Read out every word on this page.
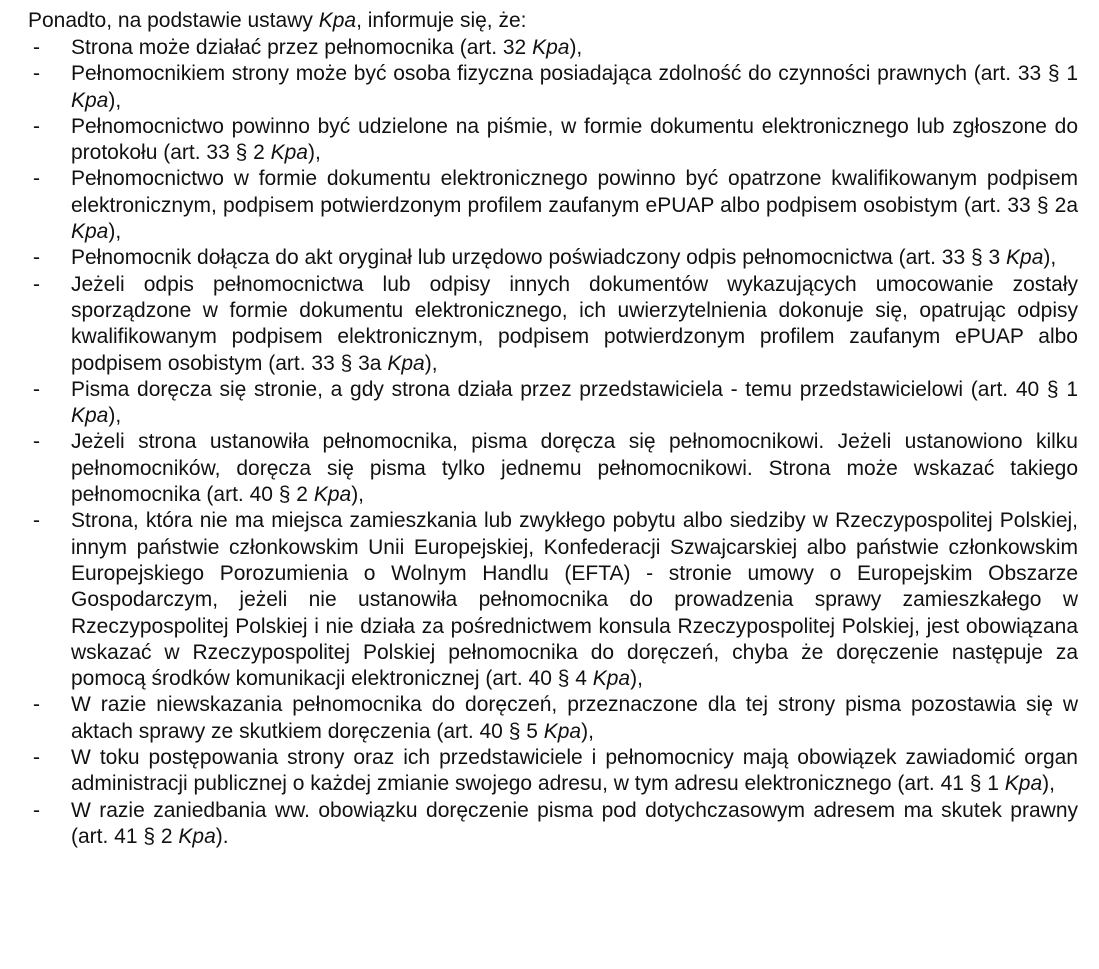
Ponadto, na podstawie ustawy Kpa, informuje się, że:

-	Strona może działać przez pełnomocnika (art. 32 Kpa),
-	Pełnomocnikiem strony może być osoba fizyczna posiadająca zdolność do czynności prawnych (art. 33 § 1 Kpa),
-	Pełnomocnictwo powinno być udzielone na piśmie, w formie dokumentu elektronicznego lub zgłoszone do protokołu (art. 33 § 2 Kpa),
-	Pełnomocnictwo w formie dokumentu elektronicznego powinno być opatrzone kwalifikowanym podpisem elektronicznym, podpisem potwierdzonym profilem zaufanym ePUAP albo podpisem osobistym (art. 33 § 2a Kpa),
-	Pełnomocnik dołącza do akt oryginał lub urzędowo poświadczony odpis pełnomocnictwa (art. 33 § 3 Kpa),
-	Jeżeli odpis pełnomocnictwa lub odpisy innych dokumentów wykazujących umocowanie zostały sporządzone w formie dokumentu elektronicznego, ich uwierzytelnienia dokonuje się, opatrując odpisy kwalifikowanym podpisem elektronicznym, podpisem potwierdzonym profilem zaufanym ePUAP albo podpisem osobistym (art. 33 § 3a Kpa),
-	Pisma doręcza się stronie, a gdy strona działa przez przedstawiciela - temu przedstawicielowi (art. 40 § 1 Kpa),
-	Jeżeli strona ustanowiła pełnomocnika, pisma doręcza się pełnomocnikowi. Jeżeli ustanowiono kilku pełnomocników, doręcza się pisma tylko jednemu pełnomocnikowi. Strona może wskazać takiego pełnomocnika (art. 40 § 2 Kpa),
-	Strona, która nie ma miejsca zamieszkania lub zwykłego pobytu albo siedziby w Rzeczypospolitej Polskiej, innym państwie członkowskim Unii Europejskiej, Konfederacji Szwajcarskiej albo państwie członkowskim Europejskiego Porozumienia o Wolnym Handlu (EFTA) - stronie umowy o Europejskim Obszarze Gospodarczym, jeżeli nie ustanowiła pełnomocnika do prowadzenia sprawy zamieszkałego w Rzeczypospolitej Polskiej i nie działa za pośrednictwem konsula Rzeczypospolitej Polskiej, jest obowiązana wskazać w Rzeczypospolitej Polskiej pełnomocnika do doręczeń, chyba że doręczenie następuje za pomocą środków komunikacji elektronicznej (art. 40 § 4 Kpa),
-	W razie niewskazania pełnomocnika do doręczeń, przeznaczone dla tej strony pisma pozostawia się w aktach sprawy ze skutkiem doręczenia (art. 40 § 5 Kpa),
-	W toku postępowania strony oraz ich przedstawiciele i pełnomocnicy mają obowiązek zawiadomić organ administracji publicznej o każdej zmianie swojego adresu, w tym adresu elektronicznego (art. 41 § 1 Kpa),
-	W razie zaniedbania ww. obowiązku doręczenie pisma pod dotychczasowym adresem ma skutek prawny (art. 41 § 2 Kpa).
